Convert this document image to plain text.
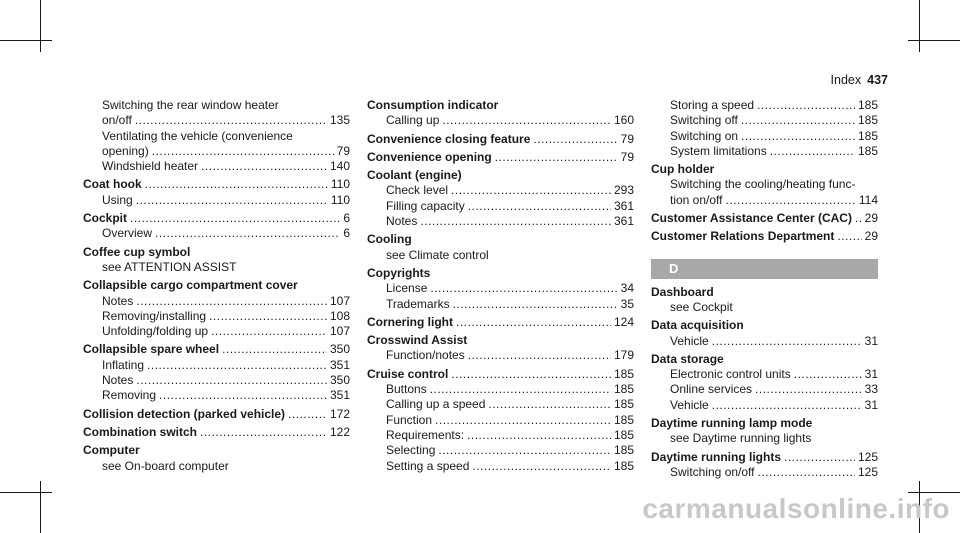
Index 437
Switching the rear window heater
on/off .....	135
Ventilating the vehicle (convenience
opening) .....	79
Windshield heater .....	140
Coat hook .....	110
Using .....	110
Cockpit .....	6
Overview .....	6
Coffee cup symbol
see ATTENTION ASSIST
Collapsible cargo compartment cover
Notes .....	107
Removing/installing .....	108
Unfolding/folding up .....	107
Collapsible spare wheel .....	350
Inflating .....	351
Notes .....	350
Removing .....	351
Collision detection (parked vehicle) .....	172
Combination switch .....	122
Computer
see On-board computer
Consumption indicator
Calling up .....	160
Convenience closing feature .....	79
Convenience opening .....	79
Coolant (engine)
Check level .....	293
Filling capacity .....	361
Notes .....	361
Cooling
see Climate control
Copyrights
License .....	34
Trademarks .....	35
Cornering light .....	124
Crosswind Assist
Function/notes .....	179
Cruise control .....	185
Buttons .....	185
Calling up a speed .....	185
Function .....	185
Requirements: .....	185
Selecting .....	185
Setting a speed .....	185
Storing a speed .....	185
Switching off .....	185
Switching on .....	185
System limitations .....	185
Cup holder
Switching the cooling/heating func-
tion on/off .....	114
Customer Assistance Center (CAC) ..... 29
Customer Relations Department .....	29
D
Dashboard
see Cockpit
Data acquisition
Vehicle .....	31
Data storage
Electronic control units .....	31
Online services .....	33
Vehicle .....	31
Daytime running lamp mode
see Daytime running lights
Daytime running lights .....	125
Switching on/off .....	125
carmanualsonline.info
